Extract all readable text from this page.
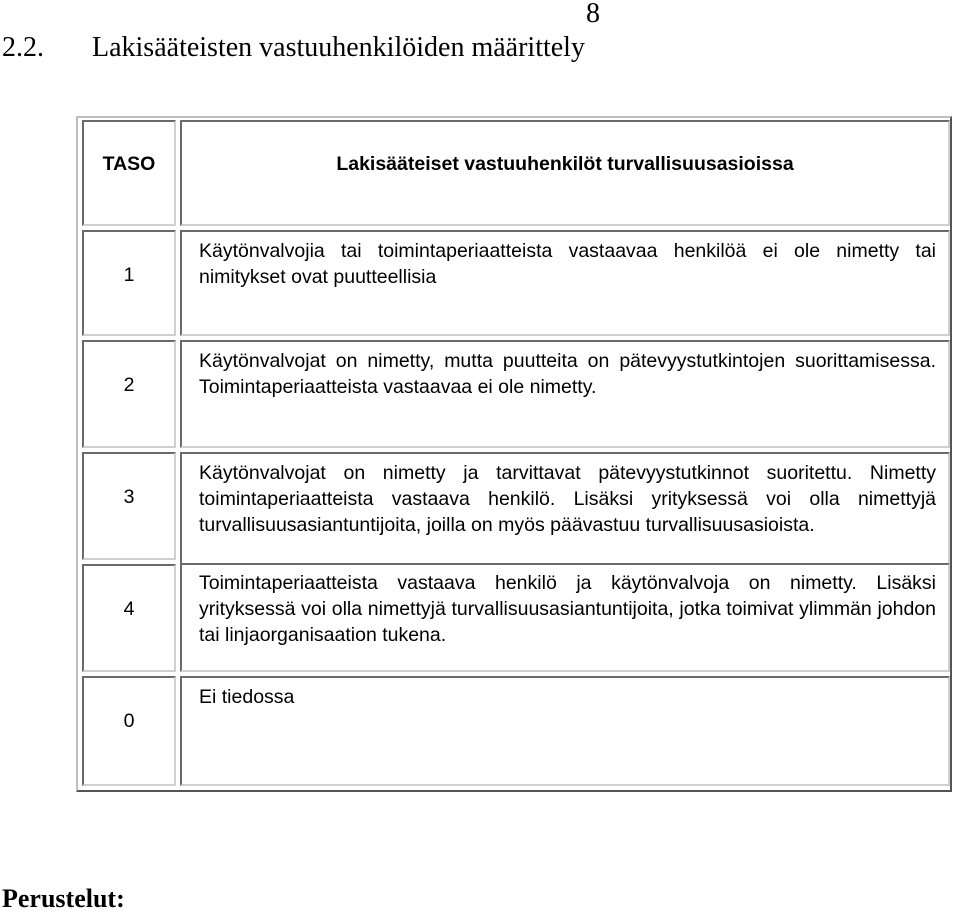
8
2.2. Lakisääteisten vastuuhenkilöiden määrittely
TASO	Lakisääteiset vastuuhenkilöt turvallisuusasioissa
1
Käytönvalvojia tai toimintaperiaatteista vastaavaa henkilöä ei ole nimetty tai nimitykset ovat puutteellisia
2
Käytönvalvojat on nimetty, mutta puutteita on pätevyystutkintojen suorittamisessa. Toimintaperiaatteista vastaavaa ei ole nimetty.
3
Käytönvalvojat on nimetty ja tarvittavat pätevyystutkinnot suoritettu. Nimetty toimintaperiaatteista vastaava henkilö. Lisäksi yrityksessä voi olla nimettyjä turvallisuusasiantuntijoita, joilla on myös päävastuu turvallisuusasioista.
4
Toimintaperiaatteista vastaava henkilö ja käytönvalvoja on nimetty. Lisäksi yrityksessä voi olla nimettyjä turvallisuusasiantuntijoita, jotka toimivat ylimmän johdon tai linjaorganisaation tukena.
0
Ei tiedossa
Perustelut:
